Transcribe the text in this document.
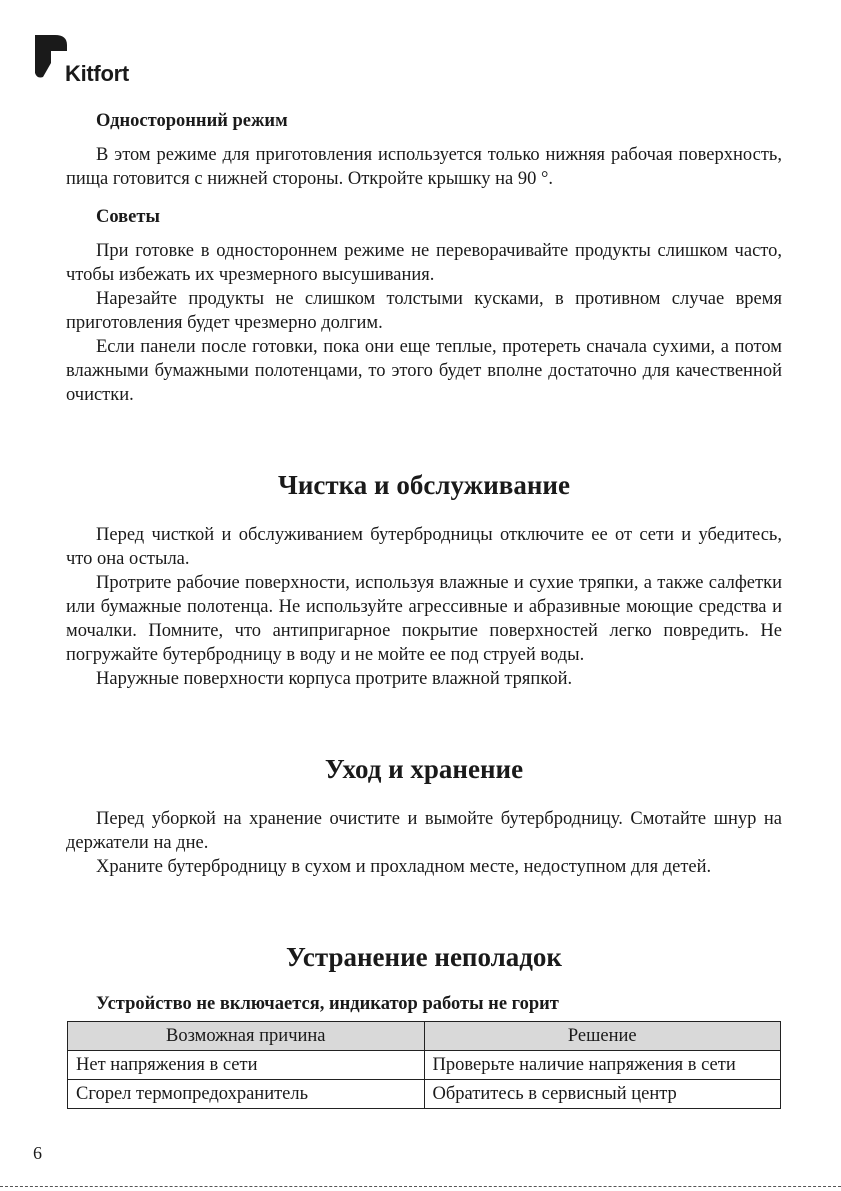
Kitfort
Односторонний режим

В этом режиме для приготовления используется только нижняя рабочая поверхность, пища готовится с нижней стороны. Откройте крышку на 90 °.

Советы

При готовке в одностороннем режиме не переворачивайте продукты слишком часто, чтобы избежать их чрезмерного высушивания.

Нарезайте продукты не слишком толстыми кусками, в противном случае время приготовления будет чрезмерно долгим.

Если панели после готовки, пока они еще теплые, протереть сначала сухими, а потом влажными бумажными полотенцами, то этого будет вполне достаточно для качественной очистки.

Чистка и обслуживание

Перед чисткой и обслуживанием бутербродницы отключите ее от сети и убедитесь, что она остыла.

Протрите рабочие поверхности, используя влажные и сухие тряпки, а также салфетки или бумажные полотенца. Не используйте агрессивные и абразивные моющие средства и мочалки. Помните, что антипригарное покрытие поверхностей легко повредить. Не погружайте бутербродницу в воду и не мойте ее под струей воды.

Наружные поверхности корпуса протрите влажной тряпкой.

Уход и хранение

Перед уборкой на хранение очистите и вымойте бутербродницу. Смотайте шнур на держатели на дне.

Храните бутербродницу в сухом и прохладном месте, недоступном для детей.

Устранение неполадок
Устройство не включается, индикатор работы не горит
Возможная причина	Решение
Нет напряжения в сети	Проверьте наличие напряжения в сети
Сгорел термопредохранитель	Обратитесь в сервисный центр
6
